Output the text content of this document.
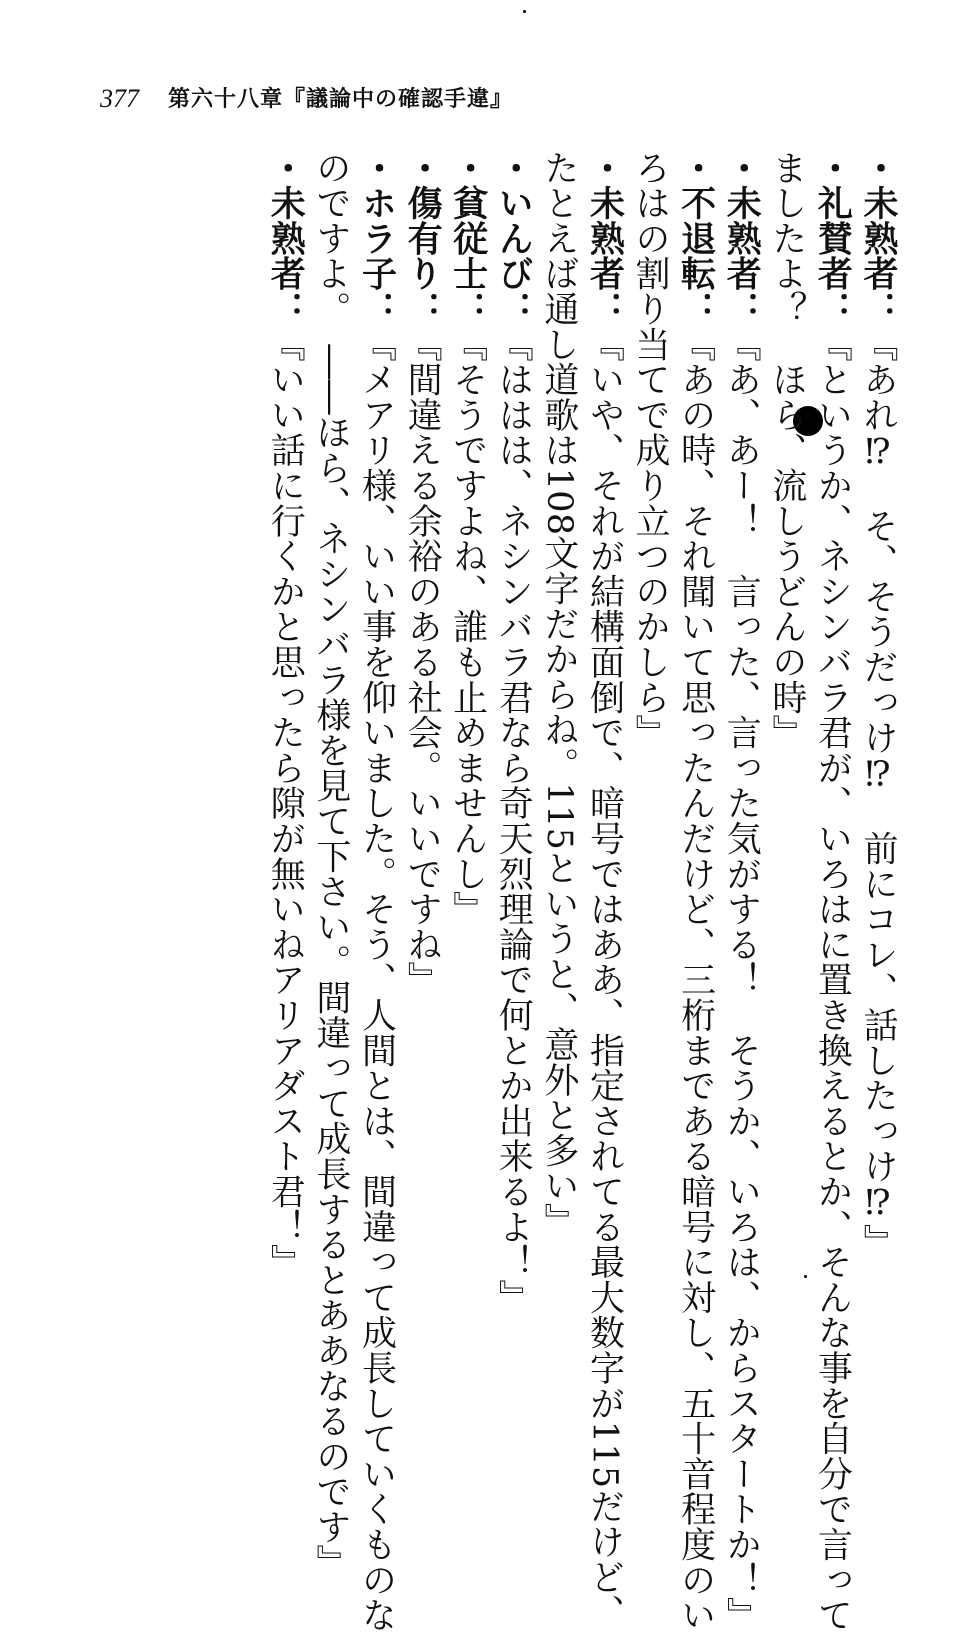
377 第六十八章『議論中の確認手違』
・未熟者：『あれ⁉　そ、そうだっけ⁉　前にコレ、話したっけ⁉』
・礼賛者：『というか、ネシンバラ君が、いろはに置き換えるとか、そんな事を自分で言って
ましたよ？　ほら、流しうどんの時』
・未熟者：『あ、あー！　言った、言った気がする！　そうか、いろは、からスタートか！』
・不退転：『あの時、それ聞いて思ったんだけど、三桁まである暗号に対し、五十音程度のい
ろはの割り当てで成り立つのかしら』
・未熟者：『いや、それが結構面倒で、暗号ではああ、指定されてる最大数字が115だけど、
たとえば通し道歌は108文字だからね。115というと、意外と多い』
・いんび：『ははは、ネシンバラ君なら奇天烈理論で何とか出来るよ！』
・貧従士：『そうですよね、誰も止めませんし』
・傷有り：『間違える余裕のある社会。いいですね』
・ホラ子：『メアリ様、いい事を仰いました。そう、人間とは、間違って成長していくものな
のですよ。　――ほら、ネシンバラ様を見て下さい。間違って成長するとああなるのです』
・未熟者：『いい話に行くかと思ったら隙が無いねアリアダスト君！』
